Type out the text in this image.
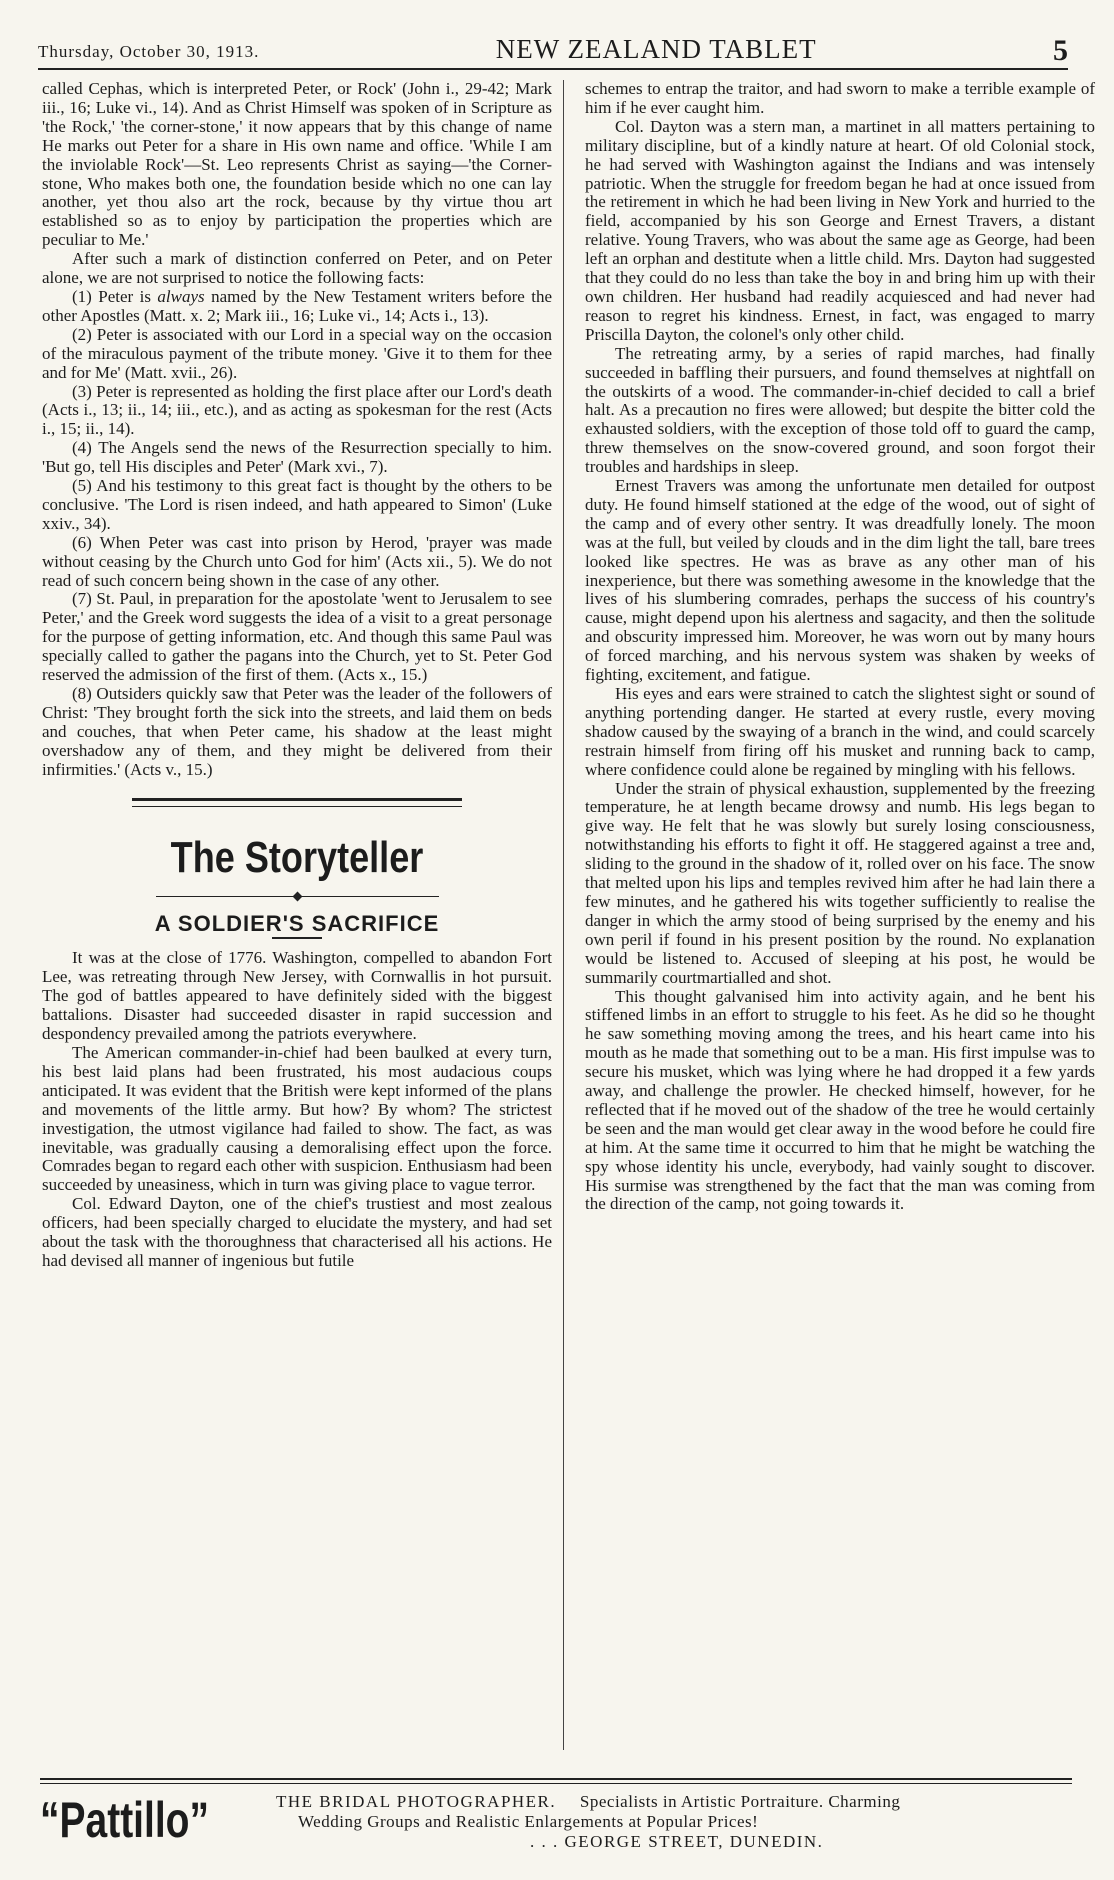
Thursday, October 30, 1913.	NEW ZEALAND TABLET	5

called Cephas, which is interpreted Peter, or Rock' (John i., 29-42; Mark iii., 16; Luke vi., 14). And as Christ Himself was spoken of in Scripture as 'the Rock,' 'the corner-stone,' it now appears that by this change of name He marks out Peter for a share in His own name and office. 'While I am the inviolable Rock'—St. Leo represents Christ as saying—'the Corner-stone, Who makes both one, the foundation beside which no one can lay another, yet thou also art the rock, because by thy virtue thou art established so as to enjoy by participation the properties which are peculiar to Me.'

After such a mark of distinction conferred on Peter, and on Peter alone, we are not surprised to notice the following facts:

(1) Peter is always named by the New Testament writers before the other Apostles (Matt. x. 2; Mark iii., 16; Luke vi., 14; Acts i., 13).

(2) Peter is associated with our Lord in a special way on the occasion of the miraculous payment of the tribute money. 'Give it to them for thee and for Me' (Matt. xvii., 26).

(3) Peter is represented as holding the first place after our Lord's death (Acts i., 13; ii., 14; iii., etc.), and as acting as spokesman for the rest (Acts i., 15; ii., 14).

(4) The Angels send the news of the Resurrection specially to him. 'But go, tell His disciples and Peter' (Mark xvi., 7).

(5) And his testimony to this great fact is thought by the others to be conclusive. 'The Lord is risen indeed, and hath appeared to Simon' (Luke xxiv., 34).

(6) When Peter was cast into prison by Herod, 'prayer was made without ceasing by the Church unto God for him' (Acts xii., 5). We do not read of such concern being shown in the case of any other.

(7) St. Paul, in preparation for the apostolate 'went to Jerusalem to see Peter,' and the Greek word suggests the idea of a visit to a great personage for the purpose of getting information, etc. And though this same Paul was specially called to gather the pagans into the Church, yet to St. Peter God reserved the admission of the first of them. (Acts x., 15.)

(8) Outsiders quickly saw that Peter was the leader of the followers of Christ: 'They brought forth the sick into the streets, and laid them on beds and couches, that when Peter came, his shadow at the least might overshadow any of them, and they might be delivered from their infirmities.' (Acts v., 15.)

The Storyteller
A SOLDIER'S SACRIFICE

It was at the close of 1776. Washington, compelled to abandon Fort Lee, was retreating through New Jersey, with Cornwallis in hot pursuit. The god of battles appeared to have definitely sided with the biggest battalions. Disaster had succeeded disaster in rapid succession and despondency prevailed among the patriots everywhere.

The American commander-in-chief had been baulked at every turn, his best laid plans had been frustrated, his most audacious coups anticipated. It was evident that the British were kept informed of the plans and movements of the little army. But how? By whom? The strictest investigation, the utmost vigilance had failed to show. The fact, as was inevitable, was gradually causing a demoralising effect upon the force. Comrades began to regard each other with suspicion. Enthusiasm had been succeeded by uneasiness, which in turn was giving place to vague terror.

Col. Edward Dayton, one of the chief's trustiest and most zealous officers, had been specially charged to elucidate the mystery, and had set about the task with the thoroughness that characterised all his actions. He had devised all manner of ingenious but futile

schemes to entrap the traitor, and had sworn to make a terrible example of him if he ever caught him.

Col. Dayton was a stern man, a martinet in all matters pertaining to military discipline, but of a kindly nature at heart. Of old Colonial stock, he had served with Washington against the Indians and was intensely patriotic. When the struggle for freedom began he had at once issued from the retirement in which he had been living in New York and hurried to the field, accompanied by his son George and Ernest Travers, a distant relative. Young Travers, who was about the same age as George, had been left an orphan and destitute when a little child. Mrs. Dayton had suggested that they could do no less than take the boy in and bring him up with their own children. Her husband had readily acquiesced and had never had reason to regret his kindness. Ernest, in fact, was engaged to marry Priscilla Dayton, the colonel's only other child.

The retreating army, by a series of rapid marches, had finally succeeded in baffling their pursuers, and found themselves at nightfall on the outskirts of a wood. The commander-in-chief decided to call a brief halt. As a precaution no fires were allowed; but despite the bitter cold the exhausted soldiers, with the exception of those told off to guard the camp, threw themselves on the snow-covered ground, and soon forgot their troubles and hardships in sleep.

Ernest Travers was among the unfortunate men detailed for outpost duty. He found himself stationed at the edge of the wood, out of sight of the camp and of every other sentry. It was dreadfully lonely. The moon was at the full, but veiled by clouds and in the dim light the tall, bare trees looked like spectres. He was as brave as any other man of his inexperience, but there was something awesome in the knowledge that the lives of his slumbering comrades, perhaps the success of his country's cause, might depend upon his alertness and sagacity, and then the solitude and obscurity impressed him. Moreover, he was worn out by many hours of forced marching, and his nervous system was shaken by weeks of fighting, excitement, and fatigue.

His eyes and ears were strained to catch the slightest sight or sound of anything portending danger. He started at every rustle, every moving shadow caused by the swaying of a branch in the wind, and could scarcely restrain himself from firing off his musket and running back to camp, where confidence could alone be regained by mingling with his fellows.

Under the strain of physical exhaustion, supplemented by the freezing temperature, he at length became drowsy and numb. His legs began to give way. He felt that he was slowly but surely losing consciousness, notwithstanding his efforts to fight it off. He staggered against a tree and, sliding to the ground in the shadow of it, rolled over on his face. The snow that melted upon his lips and temples revived him after he had lain there a few minutes, and he gathered his wits together sufficiently to realise the danger in which the army stood of being surprised by the enemy and his own peril if found in his present position by the round. No explanation would be listened to. Accused of sleeping at his post, he would be summarily courtmartialled and shot.

This thought galvanised him into activity again, and he bent his stiffened limbs in an effort to struggle to his feet. As he did so he thought he saw something moving among the trees, and his heart came into his mouth as he made that something out to be a man. His first impulse was to secure his musket, which was lying where he had dropped it a few yards away, and challenge the prowler. He checked himself, however, for he reflected that if he moved out of the shadow of the tree he would certainly be seen and the man would get clear away in the wood before he could fire at him. At the same time it occurred to him that he might be watching the spy whose identity his uncle, everybody, had vainly sought to discover. His surmise was strengthened by the fact that the man was coming from the direction of the camp, not going towards it.

“Pattillo”	THE BRIDAL PHOTOGRAPHER. Specialists in Artistic Portraiture. Charming
Wedding Groups and Realistic Enlargements at Popular Prices!
. . . GEORGE STREET, DUNEDIN.
